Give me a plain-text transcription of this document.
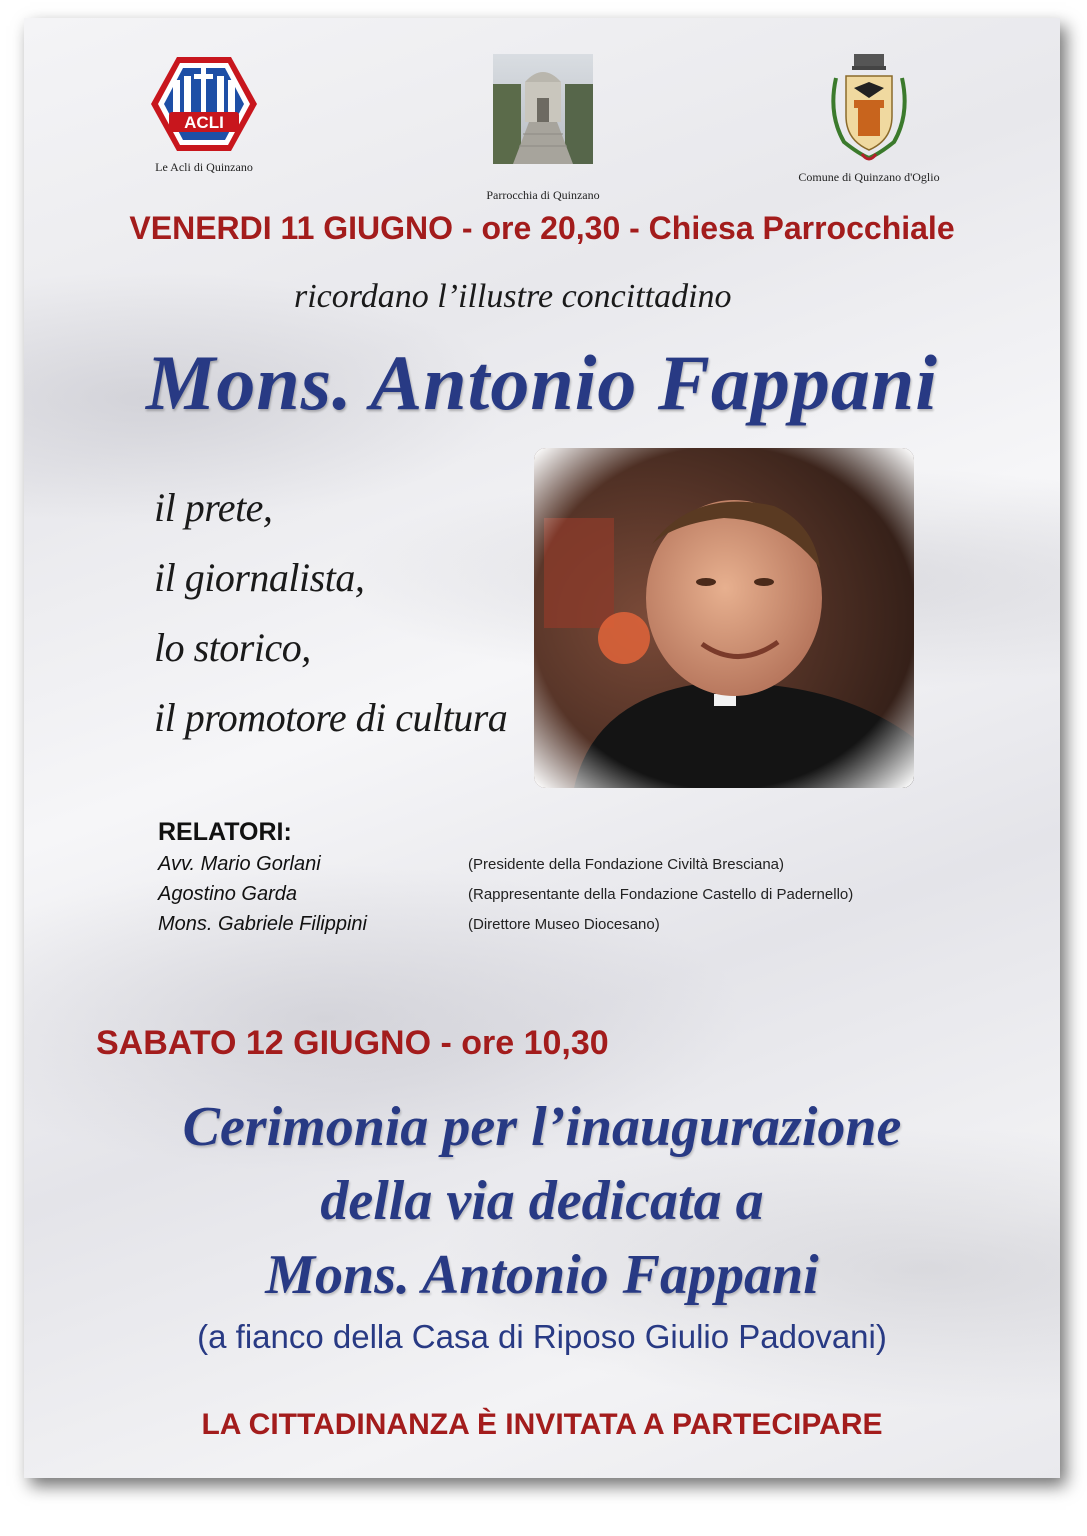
ACLI
Le Acli di Quinzano
Parrocchia di Quinzano
Comune di Quinzano d'Oglio
VENERDI 11 GIUGNO - ore 20,30 - Chiesa Parrocchiale
ricordano l’illustre concittadino
Mons. Antonio Fappani
il prete,
il giornalista,
lo storico,
il promotore di cultura
RELATORI:
Avv. Mario Gorlani	(Presidente della Fondazione Civiltà Bresciana)
Agostino Garda	(Rappresentante della Fondazione Castello di Padernello)
Mons. Gabriele Filippini	(Direttore Museo Diocesano)
SABATO 12 GIUGNO - ore 10,30
Cerimonia per l’inaugurazione
della via dedicata a
Mons. Antonio Fappani
(a fianco della Casa di Riposo Giulio Padovani)
LA CITTADINANZA È INVITATA A PARTECIPARE
